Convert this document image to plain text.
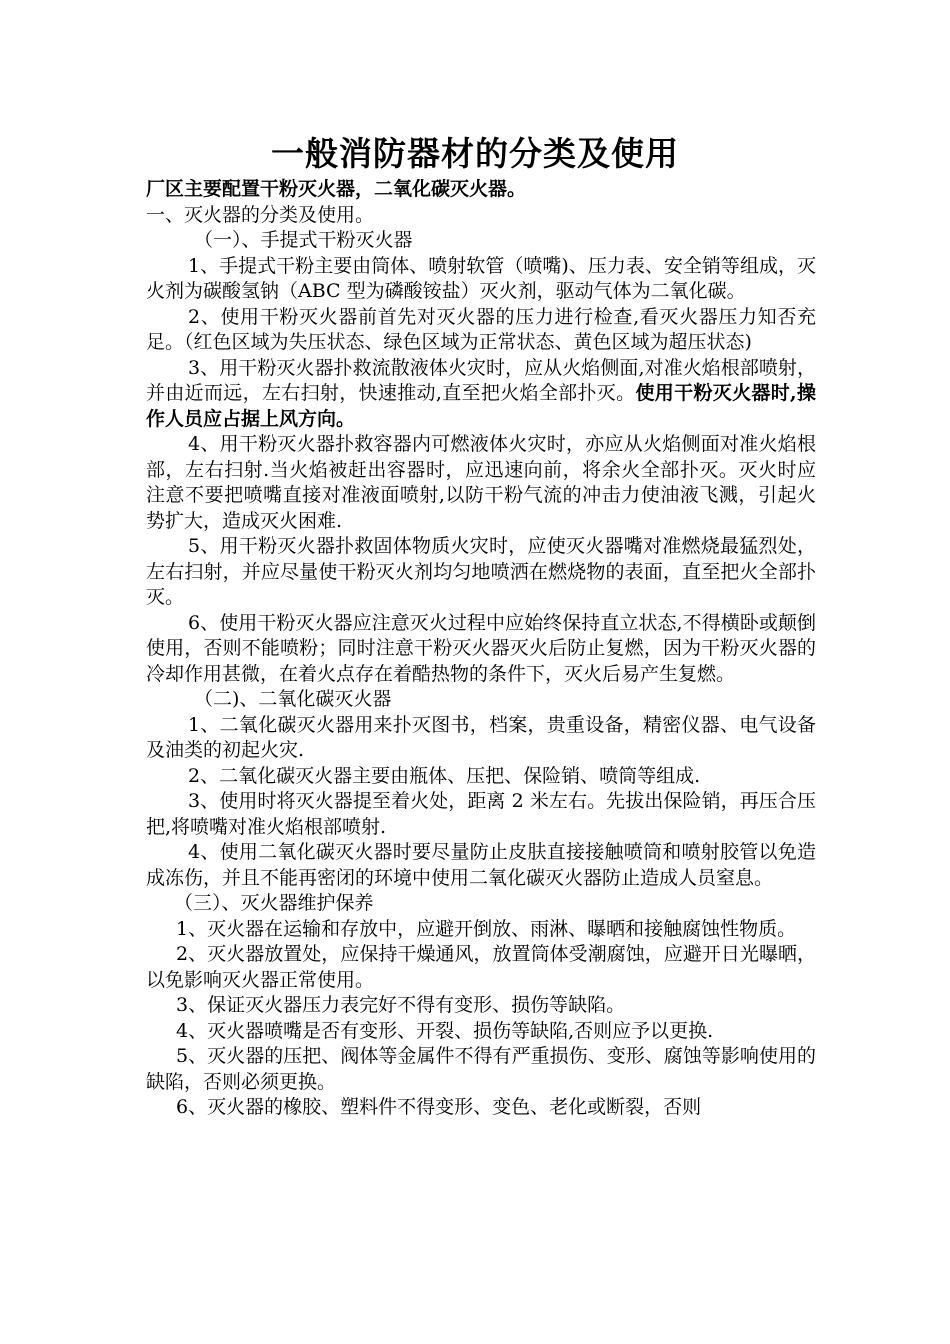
一般消防器材的分类及使用

厂区主要配置干粉灭火器，二氧化碳灭火器。

一、灭火器的分类及使用。

（一）、手提式干粉灭火器

1、手提式干粉主要由筒体、喷射软管（喷嘴)、压力表、安全销等组成，灭火剂为碳酸氢钠（ABC 型为磷酸铵盐）灭火剂，驱动气体为二氧化碳。

2、使用干粉灭火器前首先对灭火器的压力进行检查,看灭火器压力知否充足。（红色区域为失压状态、绿色区域为正常状态、黄色区域为超压状态)

3、用干粉灭火器扑救流散液体火灾时，应从火焰侧面,对准火焰根部喷射，并由近而远，左右扫射，快速推动,直至把火焰全部扑灭。使用干粉灭火器时,操作人员应占据上风方向。

4、用干粉灭火器扑救容器内可燃液体火灾时，亦应从火焰侧面对准火焰根部，左右扫射.当火焰被赶出容器时，应迅速向前，将余火全部扑灭。灭火时应注意不要把喷嘴直接对准液面喷射,以防干粉气流的冲击力使油液飞溅，引起火势扩大，造成灭火困难.

5、用干粉灭火器扑救固体物质火灾时，应使灭火器嘴对准燃烧最猛烈处，左右扫射，并应尽量使干粉灭火剂均匀地喷洒在燃烧物的表面，直至把火全部扑灭。

6、使用干粉灭火器应注意灭火过程中应始终保持直立状态,不得横卧或颠倒使用，否则不能喷粉；同时注意干粉灭火器灭火后防止复燃，因为干粉灭火器的冷却作用甚微，在着火点存在着酷热物的条件下，灭火后易产生复燃。

（二)、二氧化碳灭火器

1、二氧化碳灭火器用来扑灭图书，档案，贵重设备，精密仪器、电气设备及油类的初起火灾.

2、二氧化碳灭火器主要由瓶体、压把、保险销、喷筒等组成.

3、使用时将灭火器提至着火处，距离 2 米左右。先拔出保险销，再压合压把,将喷嘴对准火焰根部喷射.

4、使用二氧化碳灭火器时要尽量防止皮肤直接接触喷筒和喷射胶管以免造成冻伤，并且不能再密闭的环境中使用二氧化碳灭火器防止造成人员窒息。

（三）、灭火器维护保养

1、灭火器在运输和存放中，应避开倒放、雨淋、曝晒和接触腐蚀性物质。

2、灭火器放置处，应保持干燥通风，放置筒体受潮腐蚀，应避开日光曝晒，以免影响灭火器正常使用。

3、保证灭火器压力表完好不得有变形、损伤等缺陷。

4、灭火器喷嘴是否有变形、开裂、损伤等缺陷,否则应予以更换.

5、灭火器的压把、阀体等金属件不得有严重损伤、变形、腐蚀等影响使用的缺陷，否则必须更换。

6、灭火器的橡胶、塑料件不得变形、变色、老化或断裂，否则
